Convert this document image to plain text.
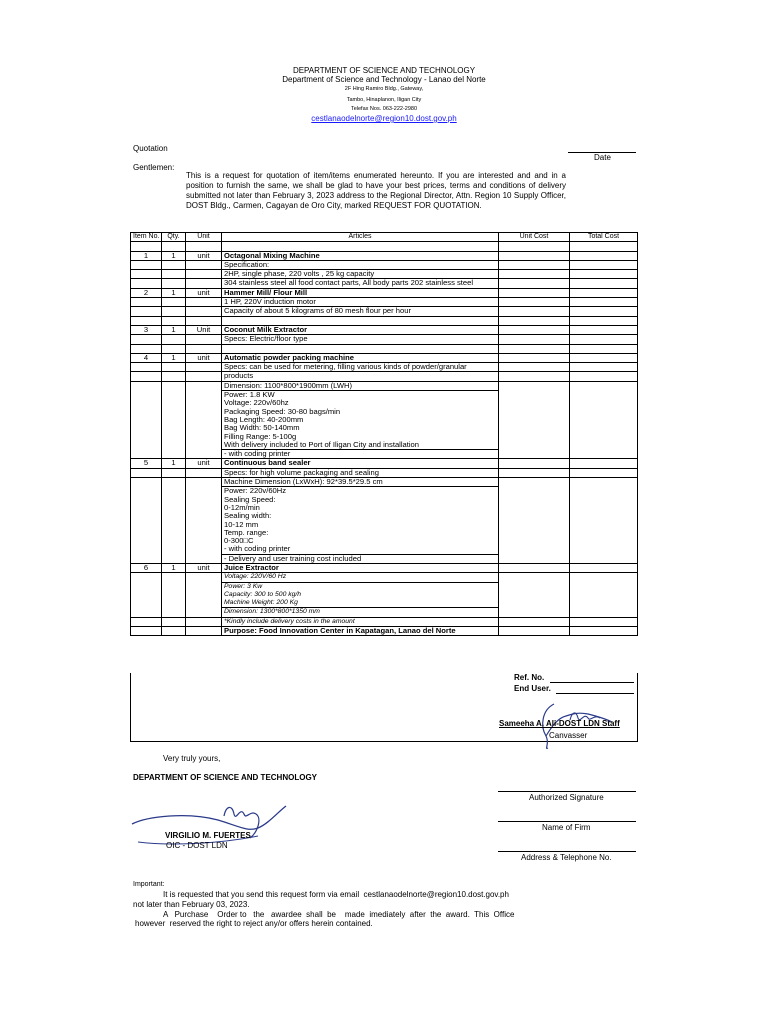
DEPARTMENT OF SCIENCE AND TECHNOLOGY
Department of Science and Technology - Lanao del Norte
2F Hing Ramiro Bldg., Gateway,
Tambo, Hinaplanon, Iligan City
Telefax Nos. 063-222-2980
cestlanaodelnorte@region10.dost.gov.ph
Quotation
Date
Gentlemen:
This is a request for quotation of item/items enumerated hereunto. If you are interested and and in a position to furnish the same, we shall be glad to have your best prices, terms and conditions of delivery submitted not later than February 3, 2023 address to the Regional Director, Attn. Region 10 Supply Officer, DOST Bldg., Carmen, Cagayan de Oro City, marked REQUEST FOR QUOTATION.
Item No.	Qty.	Unit	Articles	Unit Cost	Total Cost

1	1	unit	Octagonal Mixing Machine		
			Specification:		
			2HP, single phase, 220 volts , 25 kg capacity		
			304 stainless steel all food contact parts, All body parts 202 stainless steel		
2	1	unit	Hammer Mill/ Flour Mill		
			1 HP, 220V induction motor		
			Capacity of about 5 kilograms of 80 mesh flour per hour		

3	1	Unit	Coconut Milk Extractor		
			Specs: Electric/floor type		

4	1	unit	Automatic powder packing machine		
			Specs: can be used for metering, filling various kinds of powder/granular		
			products		
			Dimension: 1100*800*1900mm (LWH)		
			Power: 1.8 KW		
			Voltage: 220v/60hz		
			Packaging Speed: 30-80 bags/min		
			Bag Length: 40-200mm		
			Bag Width: 50-140mm		
			Filling Range: 5-100g		
			With delivery included to Port of Iligan City and installation		
			- with coding printer		
5	1	unit	Continuous band sealer		
			Specs: for high volume packaging and sealing		
			Machine Dimension (LxWxH): 92*39.5*29.5 cm		
			Power: 220v/60Hz		
			Sealing Speed:		
			0-12m/min		
			Sealing width:		
			10-12 mm		
			Temp. range:		
			0-300□C		
			- with coding printer		
			- Delivery and user training cost included		
6	1	unit	Juice Extractor		
			Voltage: 220V/60 Hz		
			Power: 3 Kw		
			Capacity: 300 to 500 kg/h		
			Machine Weight: 200 Kg		
			Dimension: 1300*800*1350 mm		
			*Kindly include delivery costs in the amount		
			Purpose: Food Innovation Center in Kapatagan, Lanao del Norte		
Ref. No.
End User.
Sameeha A. Ali-DOST LDN Staff
Canvasser
Very truly yours,
DEPARTMENT OF SCIENCE AND TECHNOLOGY
Authorized Signature
VIRGILIO M. FUERTES
OIC - DOST LDN
Name of Firm
Address & Telephone No.
Important:
It is requested that you send this request form via email  cestlanaodelnorte@region10.dost.gov.ph
not later than February 03, 2023.
A   Purchase    Order to   the   awardee  shall  be    made  imediately  after  the  award.  This  Office
however  reserved the right to reject any/or offers herein contained.
